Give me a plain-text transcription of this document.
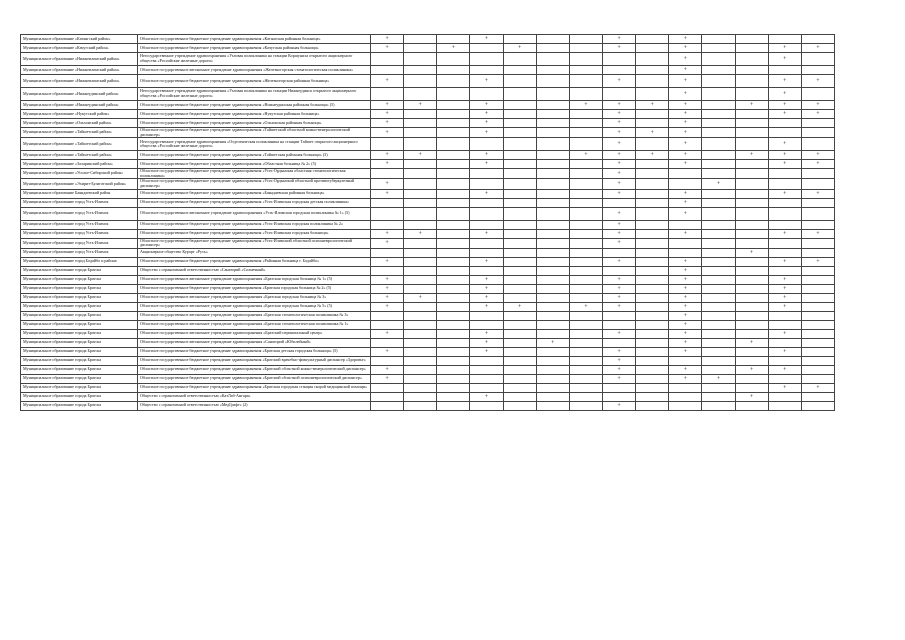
Муниципальное образование «Катангский район»	Областное государственное бюджетное учреждение здравоохранения «Катангская районная больница»	+			+				+		+				
Муниципальное образование «Качугский район»	Областное государственное бюджетное учреждение здравоохранения «Качугская районная больница»	+		+		+			+		+			+	+
Муниципальное образование «Нижнеилимский район»	Негосударственное учреждение здравоохранения «Узловая поликлиника на станции Коршуниха открытого акционерного общества «Российские железные дороги»										+			+	
Муниципальное образование «Нижнеилимский район»	Областное государственное автономное учреждение здравоохранения «Железногорская стоматологическая поликлиника»										+				
Муниципальное образование «Нижнеилимский район»	Областное государственное бюджетное учреждение здравоохранения «Железногорская районная больница»	+			+				+		+			+	+
Муниципальное образование «Нижнеудинский район»	Негосударственное учреждение здравоохранения «Узловая поликлиника на станции Нижнеудинск открытого акционерного общества «Российские железные дороги»										+			+	
Муниципальное образование «Нижнеудинский район»	Областное государственное бюджетное учреждение здравоохранения «Нижнеудинская районная больница» (5)	+	+		+			+	+	+	+		+	+	+
Муниципальное образование «Нукутский район»	Областное государственное бюджетное учреждение здравоохранения «Нукутская районная больница»	+			+				+		+			+	+
Муниципальное образование «Ольхонский район»	Областное государственное бюджетное учреждение здравоохранения «Ольхонская районная больница»	+			+				+		+				
Муниципальное образование «Тайшетский район»	Областное государственное бюджетное учреждение здравоохранения «Тайшетский областной кожно-венерологический диспансер»	+			+				+	+	+				
Муниципальное образование «Тайшетский район»	Негосударственное учреждение здравоохранения «Отделенческая поликлиника на станции Тайшет открытого акционерного общества «Российские железные дороги»								+		+			+	
Муниципальное образование «Тайшетский район»	Областное государственное бюджетное учреждение здравоохранения «Тайшетская районная больница» (3)	+	+		+			+	+	+	+		+	+	+
Муниципальное образование «Заларинский район»	Областное государственное бюджетное учреждение здравоохранения «Областная больница № 2» (5)	+			+				+		+			+	+
Муниципальное образование «Усолье-Сибирский район»	Областное государственное бюджетное учреждение здравоохранения «Усть-Ордынская областная стоматологическая поликлиника»								+						
Муниципальное образование «Эхирит-Булагатский район»	Областное государственное бюджетное учреждение здравоохранения «Усть-Ордынский областной противотуберкулезный диспансер»	+							+			+			
Муниципальное образование Баяндаевский район	Областное государственное бюджетное учреждение здравоохранения «Баяндаевская районная больница»	+			+				+		+			+	+
Муниципальное образование город Усть-Илимск	Областное государственное бюджетное учреждение здравоохранения «Усть-Илимская городская детская поликлиника»										+				
Муниципальное образование город Усть-Илимск	Областное государственное автономное учреждение здравоохранения «Усть-Илимская городская поликлиника № 1» (5)								+		+				
Муниципальное образование город Усть-Илимск	Областное государственное бюджетное учреждение здравоохранения «Усть-Илимская городская поликлиника № 2»								+						
Муниципальное образование город Усть-Илимск	Областное государственное бюджетное учреждение здравоохранения «Усть-Илимская городская больница»	+	+		+				+		+			+	+
Муниципальное образование город Усть-Илимск	Областное государственное бюджетное учреждение здравоохранения «Усть-Илимский областной психоневрологический диспансер»	+							+						
Муниципальное образование город Усть-Илимск	Акционерное общество Курорт «Русь»												+		
Муниципальное образование город Бодайбо и района	Областное государственное бюджетное учреждение здравоохранения «Районная больница г. Бодайбо»	+			+				+		+			+	+
Муниципальное образование города Братска	Общество с ограниченной ответственностью «Санаторий «Солнечный»										+				
Муниципальное образование города Братска	Областное государственное автономное учреждение здравоохранения «Братская городская больница № 1» (5)	+			+				+		+			+	
Муниципальное образование города Братска	Областное государственное бюджетное учреждение здравоохранения «Братская городская больница № 2» (5)	+			+				+		+			+	
Муниципальное образование города Братска	Областное государственное автономное учреждение здравоохранения «Братская городская больница № 3»	+	+		+				+		+			+	
Муниципальное образование города Братска	Областное государственное автономное учреждение здравоохранения «Братская городская больница № 5» (5)	+			+	+		+	+		+			+	
Муниципальное образование города Братска	Областное государственное автономное учреждение здравоохранения «Братская стоматологическая поликлиника № 3»										+				
Муниципальное образование города Братска	Областное государственное автономное учреждение здравоохранения «Братская стоматологическая поликлиника № 1»										+				
Муниципальное образование города Братска	Областное государственное автономное учреждение здравоохранения «Братский перинатальный центр»	+			+				+		+			+	
Муниципальное образование города Братска	Областное государственное автономное учреждение здравоохранения «Санаторий «Юбилейный»				+		+				+		+		
Муниципальное образование города Братска	Областное государственное бюджетное учреждение здравоохранения «Братская детская городская больница» (5)	+			+				+		+			+	
Муниципальное образование города Братска	Областное государственное бюджетное учреждение здравоохранения «Братский врачебно-физкультурный диспансер «Здоровье»								+						
Муниципальное образование города Братска	Областное государственное бюджетное учреждение здравоохранения «Братский областной кожно-венерологический диспансер»	+							+		+		+	+	
Муниципальное образование города Братска	Областное государственное бюджетное учреждение здравоохранения «Братский областной психоневрологический диспансер»	+							+		+	+			
Муниципальное образование города Братска	Областное государственное бюджетное учреждение здравоохранения «Братская городская станция скорой медицинской помощи»													+	+
Муниципальное образование города Братска	Общество с ограниченной ответственностью «КатЛаб-Ангара»				+								+		
Муниципальное образование города Братска	Общество с ограниченной ответственностью «МедГрафт» (2)								+						
